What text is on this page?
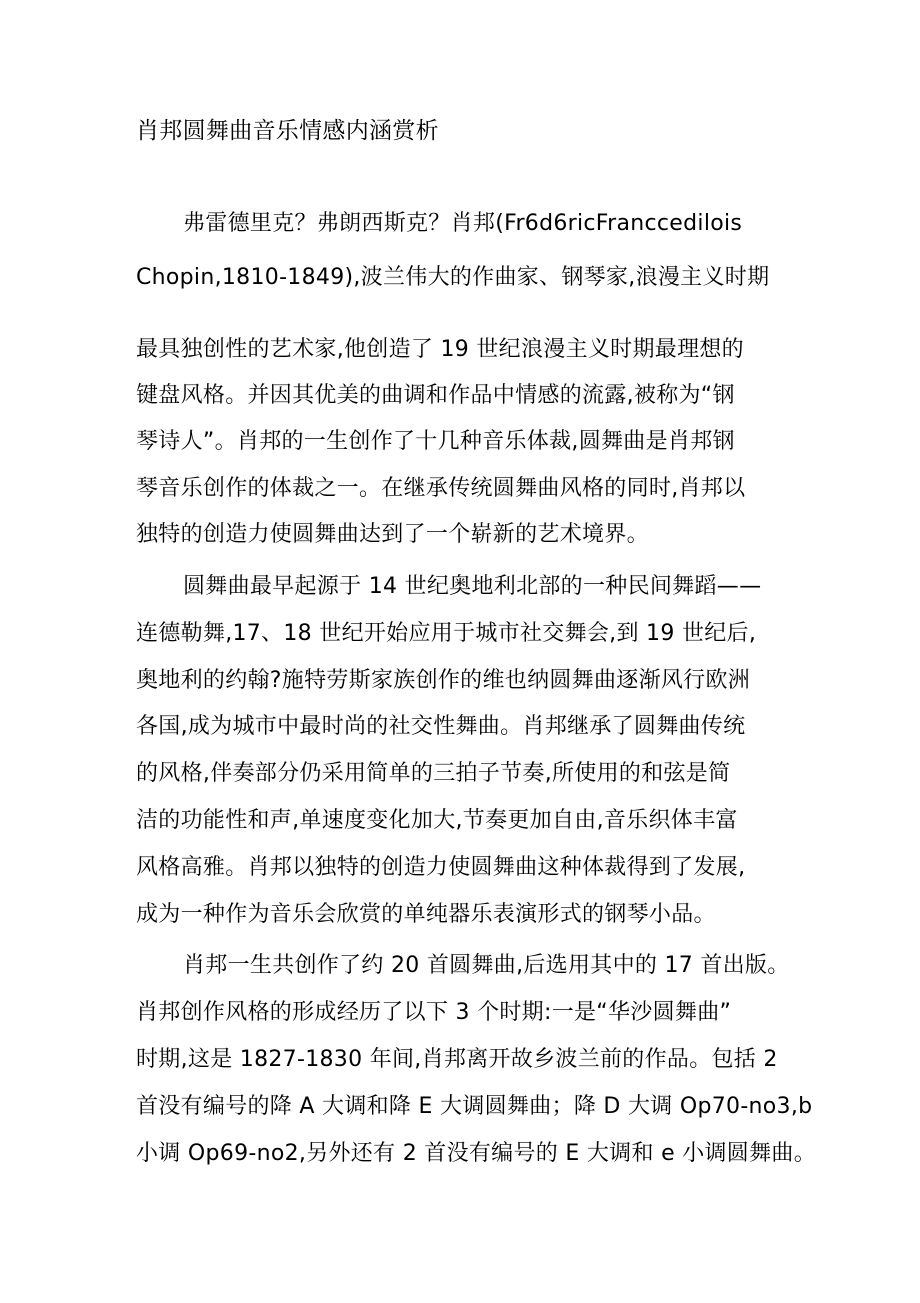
肖邦圆舞曲音乐情感内涵赏析
弗雷德里克？弗朗西斯克？肖邦(Fr6d6ricFranccedilois
Chopin,1810-1849),波兰伟大的作曲家、钢琴家,浪漫主义时期
最具独创性的艺术家,他创造了 19 世纪浪漫主义时期最理想的
键盘风格。并因其优美的曲调和作品中情感的流露,被称为“钢
琴诗人”。肖邦的一生创作了十几种音乐体裁,圆舞曲是肖邦钢
琴音乐创作的体裁之一。在继承传统圆舞曲风格的同时,肖邦以
独特的创造力使圆舞曲达到了一个崭新的艺术境界。
圆舞曲最早起源于 14 世纪奥地利北部的一种民间舞蹈——
连德勒舞,17、18 世纪开始应用于城市社交舞会,到 19 世纪后,
奥地利的约翰?施特劳斯家族创作的维也纳圆舞曲逐渐风行欧洲
各国,成为城市中最时尚的社交性舞曲。肖邦继承了圆舞曲传统
的风格,伴奏部分仍采用简单的三拍子节奏,所使用的和弦是简
洁的功能性和声,单速度变化加大,节奏更加自由,音乐织体丰富
风格高雅。肖邦以独特的创造力使圆舞曲这种体裁得到了发展,
成为一种作为音乐会欣赏的单纯器乐表演形式的钢琴小品。
肖邦一生共创作了约 20 首圆舞曲,后选用其中的 17 首出版。
肖邦创作风格的形成经历了以下 3 个时期:一是“华沙圆舞曲”
时期,这是 1827-1830 年间,肖邦离开故乡波兰前的作品。包括 2
首没有编号的降 A 大调和降 E 大调圆舞曲；降 D 大调 Op70-no3,b
小调 Op69-no2,另外还有 2 首没有编号的 E 大调和 e 小调圆舞曲。
